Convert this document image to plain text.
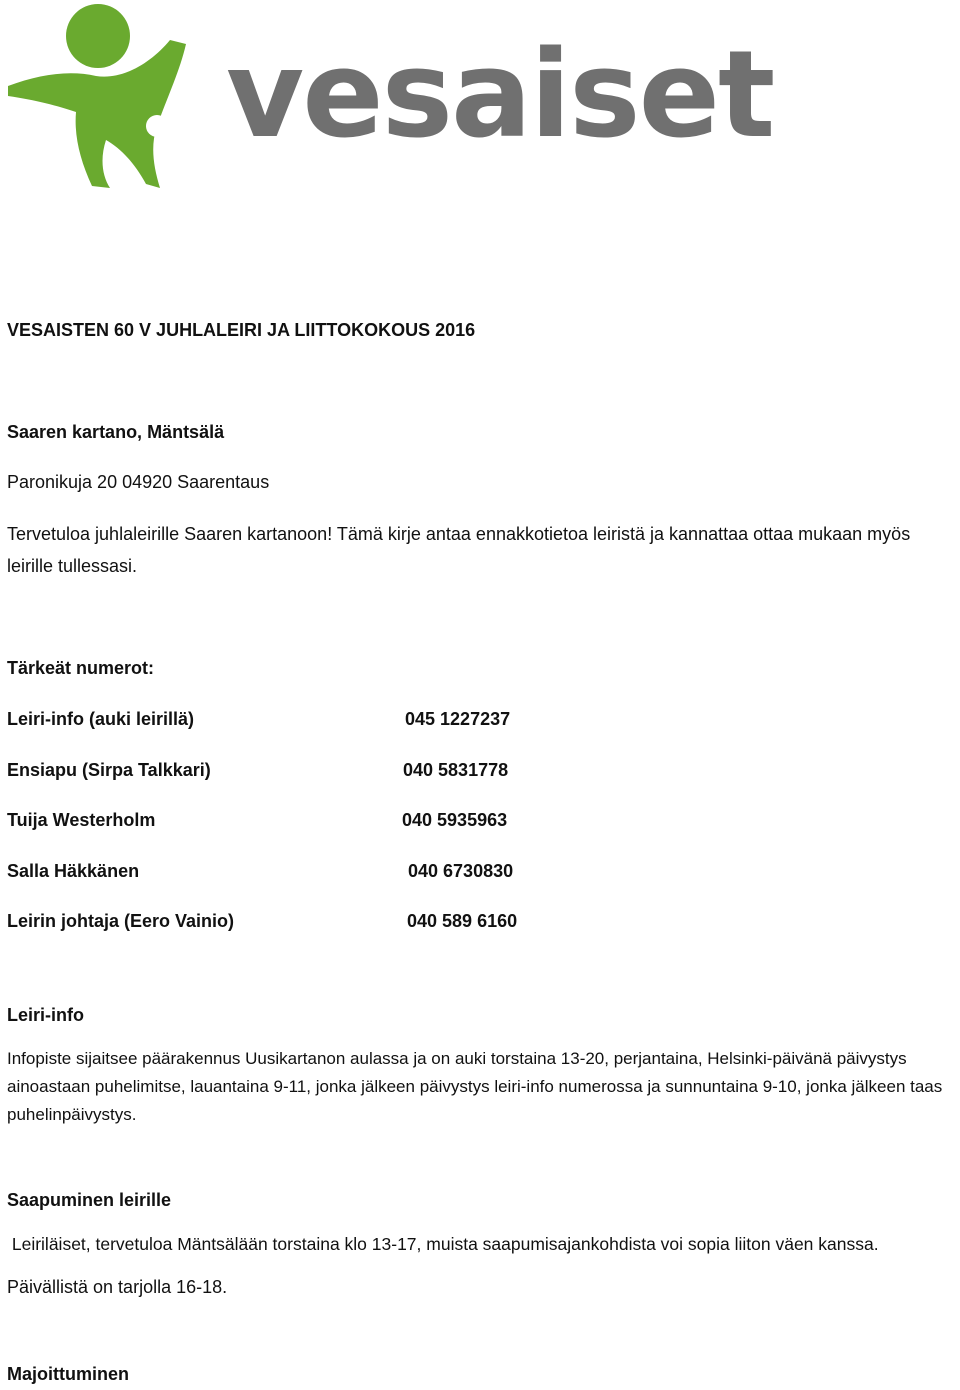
vesaiset
VESAISTEN 60 V JUHLALEIRI JA LIITTOKOKOUS 2016
Saaren kartano, Mäntsälä
Paronikuja 20 04920 Saarentaus
Tervetuloa juhlaleirille Saaren kartanoon! Tämä kirje antaa ennakkotietoa leiristä ja kannattaa ottaa mukaan myös leirille tullessasi.
Tärkeät numerot:
Leiri-info (auki leirillä)	045 1227237
Ensiapu (Sirpa Talkkari)	040 5831778
Tuija Westerholm	040 5935963
Salla Häkkänen	040 6730830
Leirin johtaja (Eero Vainio)	040 589 6160
Leiri-info
Infopiste sijaitsee päärakennus Uusikartanon aulassa ja on auki torstaina 13-20, perjantaina, Helsinki-päivänä päivystys ainoastaan puhelimitse, lauantaina 9-11, jonka jälkeen päivystys leiri-info numerossa ja sunnuntaina 9-10, jonka jälkeen taas puhelinpäivystys.
Saapuminen leirille
Leiriläiset, tervetuloa Mäntsälään torstaina klo 13-17, muista saapumisajankohdista voi sopia liiton väen kanssa.
Päivällistä on tarjolla 16-18.
Majoittuminen
